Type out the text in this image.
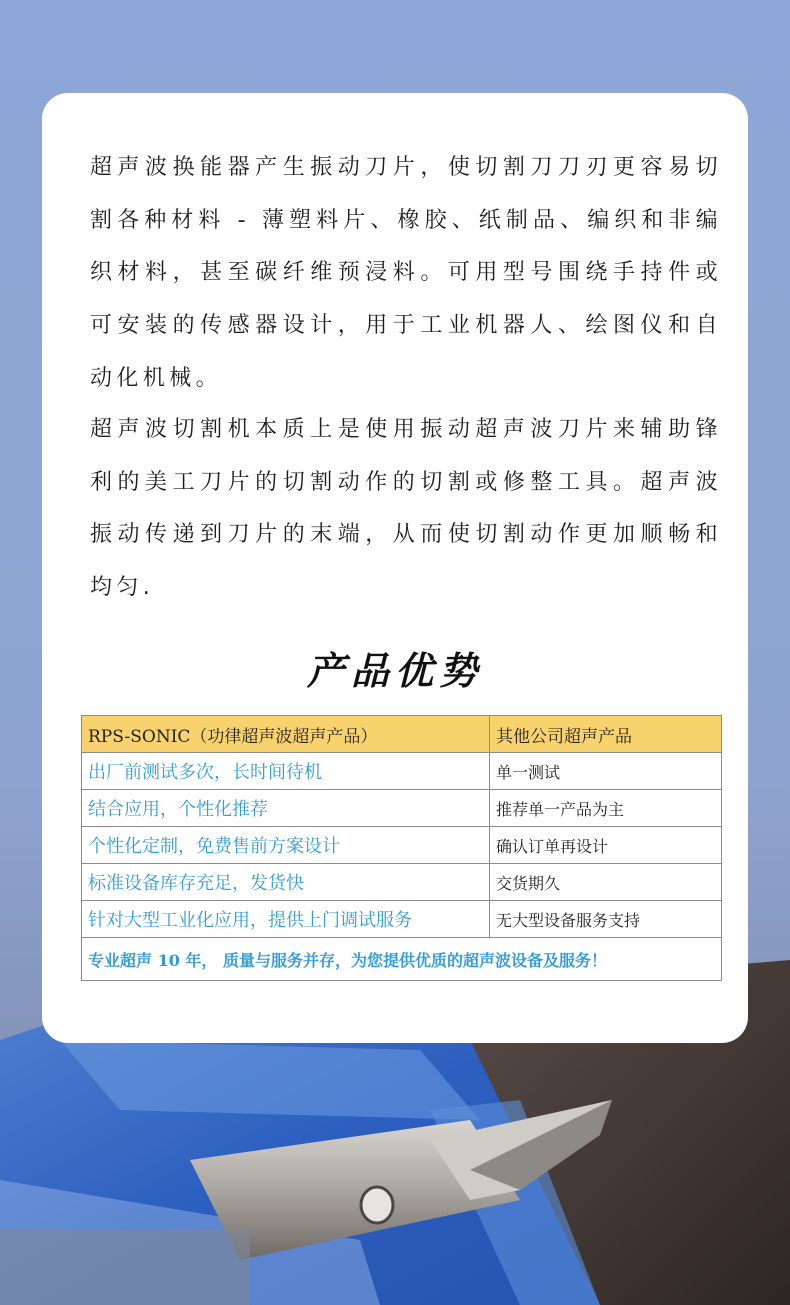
超声波换能器产生振动刀片，使切割刀刀刃更容易切割各种材料 - 薄塑料片、橡胶、纸制品、编织和非编织材料，甚至碳纤维预浸料。可用型号围绕手持件或可安装的传感器设计，用于工业机器人、绘图仪和自动化机械。

超声波切割机本质上是使用振动超声波刀片来辅助锋利的美工刀片的切割动作的切割或修整工具。超声波振动传递到刀片的末端，从而使切割动作更加顺畅和均匀.

产品优势
RPS-SONIC（功律超声波超声产品）	其他公司超声产品
出厂前测试多次，长时间待机	单一测试
结合应用，个性化推荐	推荐单一产品为主
个性化定制，免费售前方案设计	确认订单再设计
标准设备库存充足，发货快	交货期久
针对大型工业化应用，提供上门调试服务	无大型设备服务支持
专业超声 10 年， 质量与服务并存，为您提供优质的超声波设备及服务！	
